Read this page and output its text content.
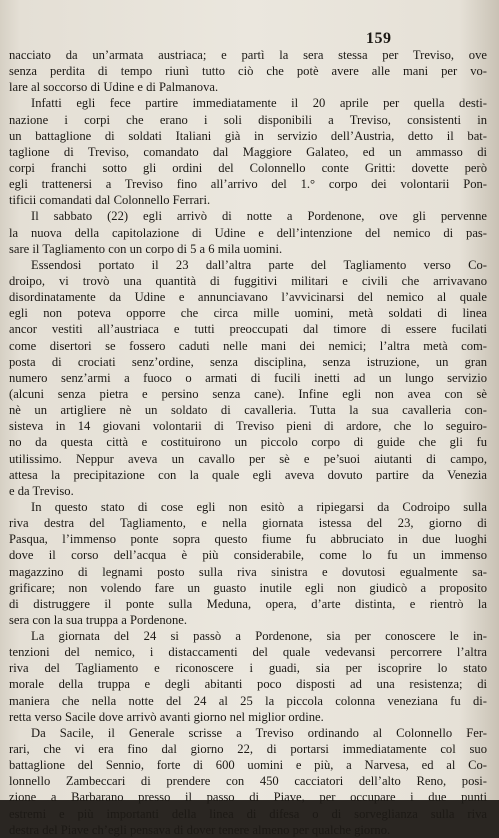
159
nacciato da un’armata austriaca; e partì la sera stessa per Treviso, ove
senza perdita di tempo riunì tutto ciò che potè avere alle mani per vo-
lare al soccorso di Udine e di Palmanova.
Infatti egli fece partire immediatamente il 20 aprile per quella desti-
nazione i corpi che erano i soli disponibili a Treviso, consistenti in
un battaglione di soldati Italiani già in servizio dell’Austria, detto il bat-
taglione di Treviso, comandato dal Maggiore Galateo, ed un ammasso di
corpi franchi sotto gli ordini del Colonnello conte Gritti: dovette però
egli trattenersi a Treviso fino all’arrivo del 1.° corpo dei volontarii Pon-
tificii comandati dal Colonnello Ferrari.
Il sabbato (22) egli arrivò di notte a Pordenone, ove gli pervenne
la nuova della capitolazione di Udine e dell’intenzione del nemico di pas-
sare il Tagliamento con un corpo di 5 a 6 mila uomini.
Essendosi portato il 23 dall’altra parte del Tagliamento verso Co-
droipo, vi trovò una quantità di fuggitivi militari e civili che arrivavano
disordinatamente da Udine e annunciavano l’avvicinarsi del nemico al quale
egli non poteva opporre che circa mille uomini, metà soldati di linea
ancor vestiti all’austriaca e tutti preoccupati dal timore di essere fucilati
come disertori se fossero caduti nelle mani dei nemici; l’altra metà com-
posta di crociati senz’ordine, senza disciplina, senza istruzione, un gran
numero senz’armi a fuoco o armati di fucili inetti ad un lungo servizio
(alcuni senza pietra e persino senza cane). Infine egli non avea con sè
nè un artigliere nè un soldato di cavalleria. Tutta la sua cavalleria con-
sisteva in 14 giovani volontarii di Treviso pieni di ardore, che lo seguiro-
no da questa città e costituirono un piccolo corpo di guide che gli fu
utilissimo. Neppur aveva un cavallo per sè e pe’suoi aiutanti di campo,
attesa la precipitazione con la quale egli aveva dovuto partire da Venezia
e da Treviso.
In questo stato di cose egli non esitò a ripiegarsi da Codroipo sulla
riva destra del Tagliamento, e nella giornata istessa del 23, giorno di
Pasqua, l’immenso ponte sopra questo fiume fu abbruciato in due luoghi
dove il corso dell’acqua è più considerabile, come lo fu un immenso
magazzino di legnami posto sulla riva sinistra e dovutosi egualmente sa-
grificare; non volendo fare un guasto inutile egli non giudicò a proposito
di distruggere il ponte sulla Meduna, opera, d’arte distinta, e rientrò la
sera con la sua truppa a Pordenone.
La giornata del 24 si passò a Pordenone, sia per conoscere le in-
tenzioni del nemico, i distaccamenti del quale vedevansi percorrere l’altra
riva del Tagliamento e riconoscere i guadi, sia per iscoprire lo stato
morale della truppa e degli abitanti poco disposti ad una resistenza; di
maniera che nella notte del 24 al 25 la piccola colonna veneziana fu di-
retta verso Sacile dove arrivò avanti giorno nel miglior ordine.
Da Sacile, il Generale scrisse a Treviso ordinando al Colonnello Fer-
rari, che vi era fino dal giorno 22, di portarsi immediatamente col suo
battaglione del Sennio, forte di 600 uomini e più, a Narvesa, ed al Co-
lonnello Zambeccari di prendere con 450 cacciatori dell’alto Reno, posi-
zione a Barbarano presso il passo di Piave, per occupare i due punti
estremi e più importanti della linea di difesa o di sorveglianza sulla riva
destra del Piave ch’egli pensava di dover tenere almeno per qualche giorno.
